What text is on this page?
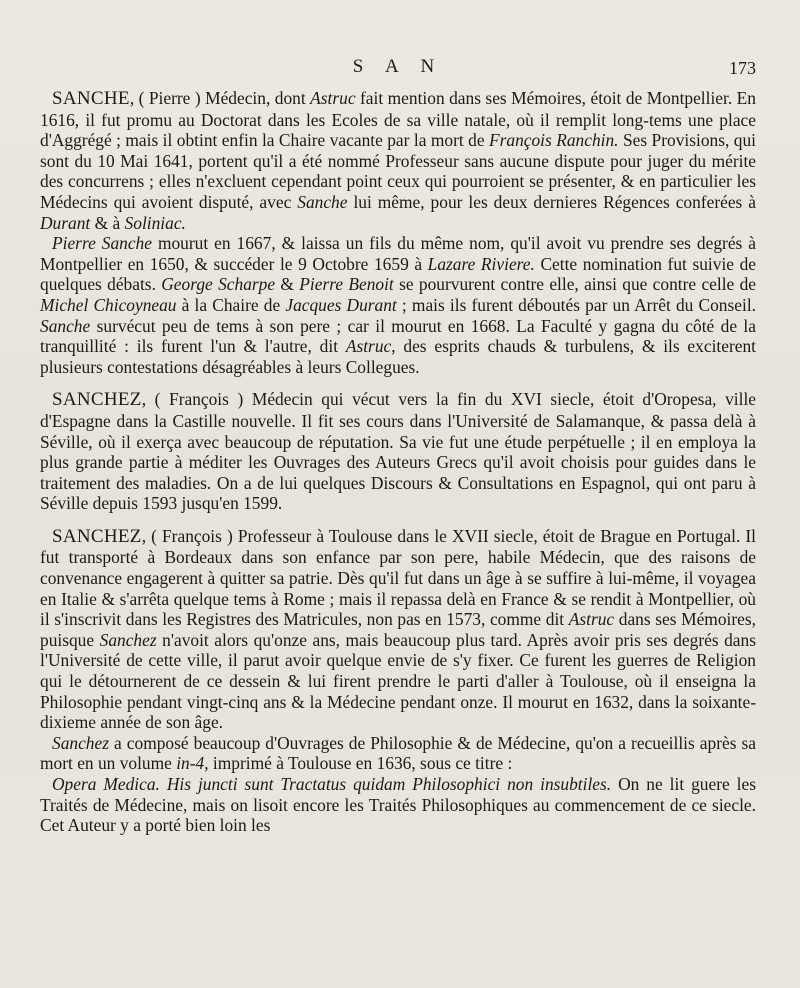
S A N	173

SANCHE, ( Pierre ) Médecin, dont Astruc fait mention dans ses Mémoires, étoit de Montpellier. En 1616, il fut promu au Doctorat dans les Ecoles de sa ville natale, où il remplit long-tems une place d'Aggrégé ; mais il obtint enfin la Chaire vacante par la mort de François Ranchin. Ses Provisions, qui sont du 10 Mai 1641, portent qu'il a été nommé Professeur sans aucune dispute pour juger du mérite des concurrens ; elles n'excluent cependant point ceux qui pourroient se présenter, & en particulier les Médecins qui avoient disputé, avec Sanche lui même, pour les deux dernieres Régences conferées à Durant & à Soliniac.

Pierre Sanche mourut en 1667, & laissa un fils du même nom, qu'il avoit vu prendre ses degrés à Montpellier en 1650, & succéder le 9 Octobre 1659 à Lazare Riviere. Cette nomination fut suivie de quelques débats. George Scharpe & Pierre Benoit se pourvurent contre elle, ainsi que contre celle de Michel Chicoyneau à la Chaire de Jacques Durant ; mais ils furent déboutés par un Arrêt du Conseil. Sanche survécut peu de tems à son pere ; car il mourut en 1668. La Faculté y gagna du côté de la tranquillité : ils furent l'un & l'autre, dit Astruc, des esprits chauds & turbulens, & ils exciterent plusieurs contestations désagréables à leurs Collegues.

SANCHEZ, ( François ) Médecin qui vécut vers la fin du XVI siecle, étoit d'Oropesa, ville d'Espagne dans la Castille nouvelle. Il fit ses cours dans l'Université de Salamanque, & passa delà à Séville, où il exerça avec beaucoup de réputation. Sa vie fut une étude perpétuelle ; il en employa la plus grande partie à méditer les Ouvrages des Auteurs Grecs qu'il avoit choisis pour guides dans le traitement des maladies. On a de lui quelques Discours & Consultations en Espagnol, qui ont paru à Séville depuis 1593 jusqu'en 1599.

SANCHEZ, ( François ) Professeur à Toulouse dans le XVII siecle, étoit de Brague en Portugal. Il fut transporté à Bordeaux dans son enfance par son pere, habile Médecin, que des raisons de convenance engagerent à quitter sa patrie. Dès qu'il fut dans un âge à se suffire à lui-même, il voyagea en Italie & s'arrêta quelque tems à Rome ; mais il repassa delà en France & se rendit à Montpellier, où il s'inscrivit dans les Registres des Matricules, non pas en 1573, comme dit Astruc dans ses Mémoires, puisque Sanchez n'avoit alors qu'onze ans, mais beaucoup plus tard. Après avoir pris ses degrés dans l'Université de cette ville, il parut avoir quelque envie de s'y fixer. Ce furent les guerres de Religion qui le détournerent de ce dessein & lui firent prendre le parti d'aller à Toulouse, où il enseigna la Philosophie pendant vingt-cinq ans & la Médecine pendant onze. Il mourut en 1632, dans la soixante-dixieme année de son âge.

Sanchez a composé beaucoup d'Ouvrages de Philosophie & de Médecine, qu'on a recueillis après sa mort en un volume in-4, imprimé à Toulouse en 1636, sous ce titre :

Opera Medica. His juncti sunt Tractatus quidam Philosophici non insubtiles. On ne lit guere les Traités de Médecine, mais on lisoit encore les Traités Philosophiques au commencement de ce siecle. Cet Auteur y a porté bien loin les
